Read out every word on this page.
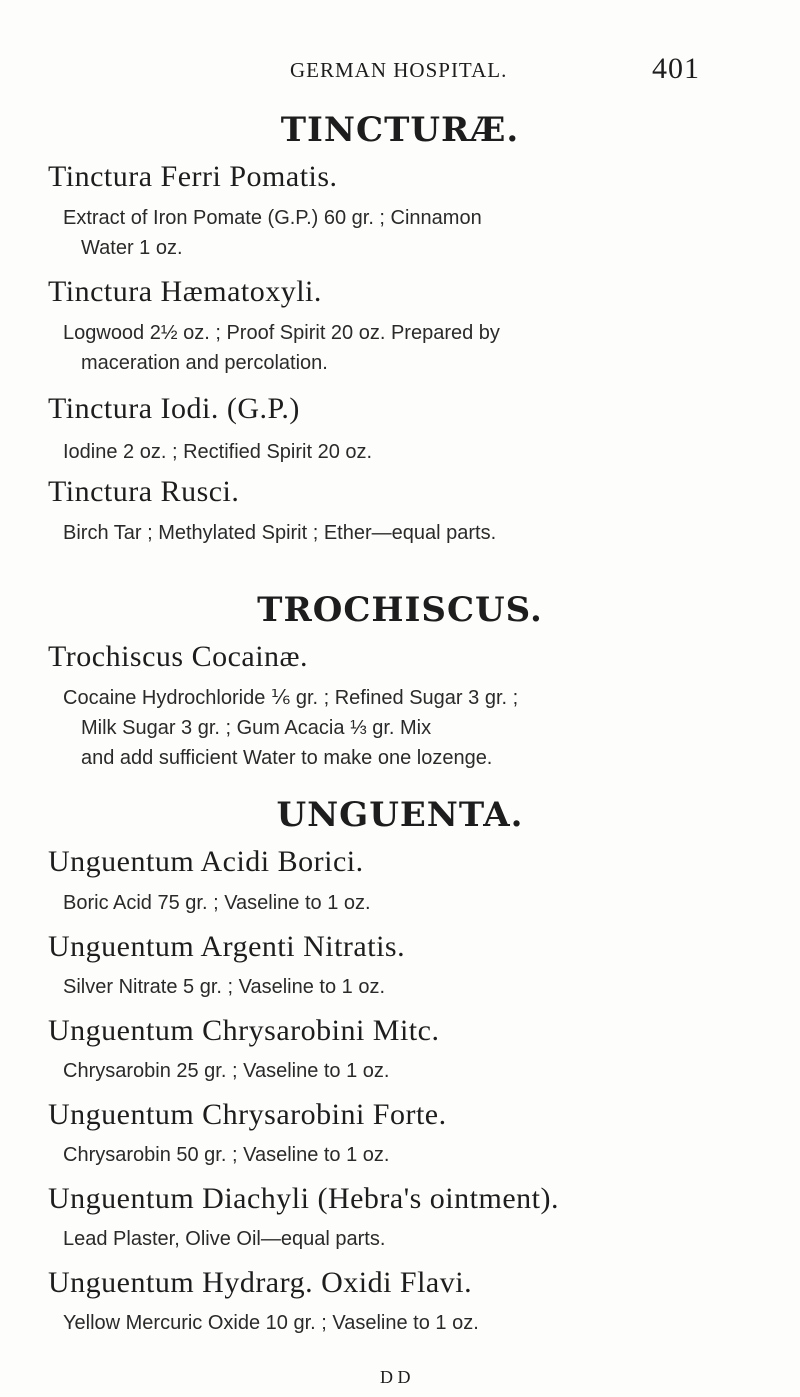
GERMAN HOSPITAL.	401
TINCTURÆ.
Tinctura Ferri Pomatis.
Extract of Iron Pomate (G.P.) 60 gr. ; Cinnamon
Water 1 oz.
Tinctura Hæmatoxyli.
Logwood 2½ oz. ; Proof Spirit 20 oz. Prepared by
maceration and percolation.
Tinctura Iodi. (G.P.)
Iodine 2 oz. ; Rectified Spirit 20 oz.
Tinctura Rusci.
Birch Tar ; Methylated Spirit ; Ether—equal parts.
TROCHISCUS.
Trochiscus Cocainæ.
Cocaine Hydrochloride ⅙ gr. ; Refined Sugar 3 gr. ;
Milk Sugar 3 gr. ; Gum Acacia ⅓ gr. Mix
and add sufficient Water to make one lozenge.
UNGUENTA.
Unguentum Acidi Borici.
Boric Acid 75 gr. ; Vaseline to 1 oz.
Unguentum Argenti Nitratis.
Silver Nitrate 5 gr. ; Vaseline to 1 oz.
Unguentum Chrysarobini Mitc.
Chrysarobin 25 gr. ; Vaseline to 1 oz.
Unguentum Chrysarobini Forte.
Chrysarobin 50 gr. ; Vaseline to 1 oz.
Unguentum Diachyli (Hebra's ointment).
Lead Plaster, Olive Oil—equal parts.
Unguentum Hydrarg. Oxidi Flavi.
Yellow Mercuric Oxide 10 gr. ; Vaseline to 1 oz.
D D
